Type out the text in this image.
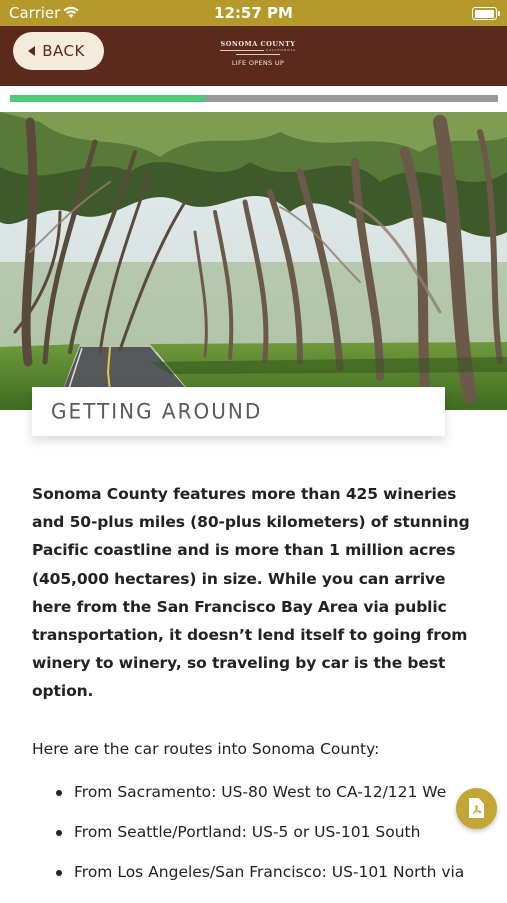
Carrier	12:57 PM
BACK	SONOMA COUNTY
CALIFORNIA
LIFE OPENS UP
GETTING AROUND

Sonoma County features more than 425 wineries and 50-plus miles (80-plus kilometers) of stunning Pacific coastline and is more than 1 million acres (405,000 hectares) in size. While you can arrive here from the San Francisco Bay Area via public transportation, it doesn’t lend itself to going from winery to winery, so traveling by car is the best option.

Here are the car routes into Sonoma County:
From Sacramento: US-80 West to CA-12/121 We
From Seattle/Portland: US-5 or US-101 South
From Los Angeles/San Francisco: US-101 North via
